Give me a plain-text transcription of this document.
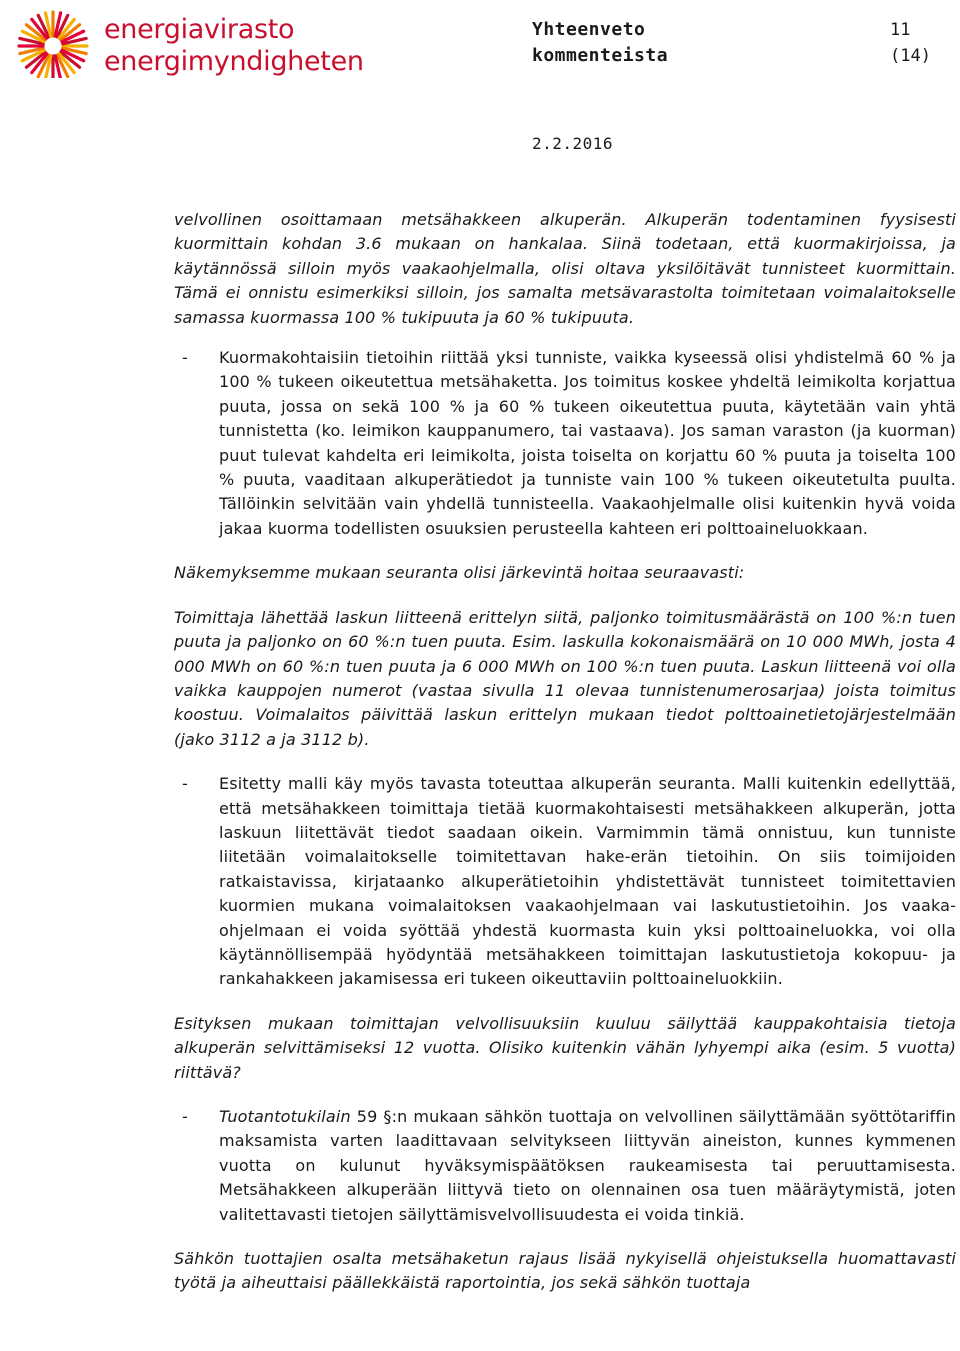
energiavirasto
energimyndigheten
Yhteenveto kommenteista
11
(14)
2.2.2016

velvollinen osoittamaan metsähakkeen alkuperän. Alkuperän todentaminen fyysisesti kuormittain kohdan 3.6 mukaan on hankalaa. Siinä todetaan, että kuormakirjoissa, ja käytännössä silloin myös vaakaohjelmalla, olisi oltava yksilöitävät tunnisteet kuormittain. Tämä ei onnistu esimerkiksi silloin, jos samalta metsävarastolta toimitetaan voimalaitokselle samassa kuormassa 100 % tukipuuta ja 60 % tukipuuta.

- Kuormakohtaisiin tietoihin riittää yksi tunniste, vaikka kyseessä olisi yhdistelmä 60 % ja 100 % tukeen oikeutettua metsähaketta. Jos toimitus koskee yhdeltä leimikolta korjattua puuta, jossa on sekä 100 % ja 60 % tukeen oikeutettua puuta, käytetään vain yhtä tunnistetta (ko. leimikon kauppanumero, tai vastaava). Jos saman varaston (ja kuorman) puut tulevat kahdelta eri leimikolta, joista toiselta on korjattu 60 % puuta ja toiselta 100 % puuta, vaaditaan alkuperätiedot ja tunniste vain 100 % tukeen oikeutetulta puulta. Tällöinkin selvitään vain yhdellä tunnisteella. Vaakaohjelmalle olisi kuitenkin hyvä voida jakaa kuorma todellisten osuuksien perusteella kahteen eri polttoaineluokkaan.

Näkemyksemme mukaan seuranta olisi järkevintä hoitaa seuraavasti:

Toimittaja lähettää laskun liitteenä erittelyn siitä, paljonko toimitusmäärästä on 100 %:n tuen puuta ja paljonko on 60 %:n tuen puuta. Esim. laskulla kokonaismäärä on 10 000 MWh, josta 4 000 MWh on 60 %:n tuen puuta ja 6 000 MWh on 100 %:n tuen puuta. Laskun liitteenä voi olla vaikka kauppojen numerot (vastaa sivulla 11 olevaa tunnistenumerosarjaa) joista toimitus koostuu. Voimalaitos päivittää laskun erittelyn mukaan tiedot polttoainetietojärjestelmään (jako 3112 a ja 3112 b).

- Esitetty malli käy myös tavasta toteuttaa alkuperän seuranta. Malli kuitenkin edellyttää, että metsähakkeen toimittaja tietää kuormakohtaisesti metsähakkeen alkuperän, jotta laskuun liitettävät tiedot saadaan oikein. Varmimmin tämä onnistuu, kun tunniste liitetään voimalaitokselle toimitettavan hake-erän tietoihin. On siis toimijoiden ratkaistavissa, kirjataanko alkuperätietoihin yhdistettävät tunnisteet toimitettavien kuormien mukana voimalaitoksen vaakaohjelmaan vai laskutustietoihin. Jos vaaka-ohjelmaan ei voida syöttää yhdestä kuormasta kuin yksi polttoaineluokka, voi olla käytännöllisempää hyödyntää metsähakkeen toimittajan laskutustietoja kokopuu- ja rankahakkeen jakamisessa eri tukeen oikeuttaviin polttoaineluokkiin.

Esityksen mukaan toimittajan velvollisuuksiin kuuluu säilyttää kauppakohtaisia tietoja alkuperän selvittämiseksi 12 vuotta. Olisiko kuitenkin vähän lyhyempi aika (esim. 5 vuotta) riittävä?

- Tuotantotukilain 59 §:n mukaan sähkön tuottaja on velvollinen säilyttämään syöttötariffin maksamista varten laadittavaan selvitykseen liittyvän aineiston, kunnes kymmenen vuotta on kulunut hyväksymispäätöksen raukeamisesta tai peruuttamisesta. Metsähakkeen alkuperään liittyvä tieto on olennainen osa tuen määräytymistä, joten valitettavasti tietojen säilyttämisvelvollisuudesta ei voida tinkiä.

Sähkön tuottajien osalta metsähaketun rajaus lisää nykyisellä ohjeistuksella huomattavasti työtä ja aiheuttaisi päällekkäistä raportointia, jos sekä sähkön tuottaja
